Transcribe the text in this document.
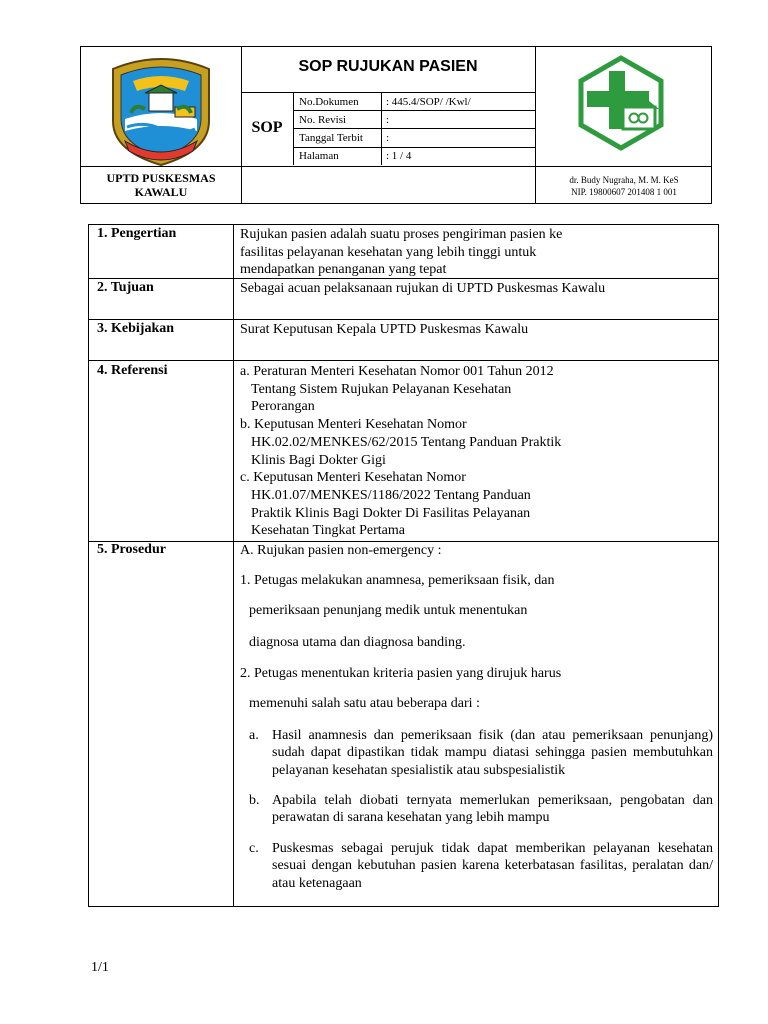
SOP RUJUKAN PASIEN
SOP
No.Dokumen : 445.4/SOP/ /Kwl/
No. Revisi	:
Tanggal Terbit :
Halaman	: 1 / 4
UPTD PUSKESMAS
KAWALU
dr. Budy Nugraha, M. M. KeS
NIP. 19800607 201408 1 001
1. Pengertian	Rujukan pasien adalah suatu proses pengiriman pasien ke
fasilitas pelayanan kesehatan yang lebih tinggi untuk
mendapatkan penanganan yang tepat
2. Tujuan	Sebagai acuan pelaksanaan rujukan di UPTD Puskesmas Kawalu
3. Kebijakan	Surat Keputusan Kepala UPTD Puskesmas Kawalu
4. Referensi	a. Peraturan Menteri Kesehatan Nomor 001 Tahun 2012
Tentang Sistem Rujukan Pelayanan Kesehatan
Perorangan
b. Keputusan Menteri Kesehatan Nomor
HK.02.02/MENKES/62/2015 Tentang Panduan Praktik
Klinis Bagi Dokter Gigi
c. Keputusan Menteri Kesehatan Nomor
HK.01.07/MENKES/1186/2022 Tentang Panduan
Praktik Klinis Bagi Dokter Di Fasilitas Pelayanan
Kesehatan Tingkat Pertama
5. Prosedur	A. Rujukan pasien non-emergency :
1. Petugas melakukan anamnesa, pemeriksaan fisik, dan
pemeriksaan penunjang medik untuk menentukan
diagnosa utama dan diagnosa banding.
2. Petugas menentukan kriteria pasien yang dirujuk harus
memenuhi salah satu atau beberapa dari :
a. Hasil anamnesis dan pemeriksaan fisik (dan atau pemeriksaan penunjang) sudah dapat dipastikan tidak mampu diatasi sehingga pasien membutuhkan pelayanan kesehatan spesialistik atau subspesialistik
b. Apabila telah diobati ternyata memerlukan pemeriksaan, pengobatan dan perawatan di sarana kesehatan yang lebih mampu
c. Puskesmas sebagai perujuk tidak dapat memberikan pelayanan kesehatan sesuai dengan kebutuhan pasien karena keterbatasan fasilitas, peralatan dan/ atau ketenagaan
1/1
